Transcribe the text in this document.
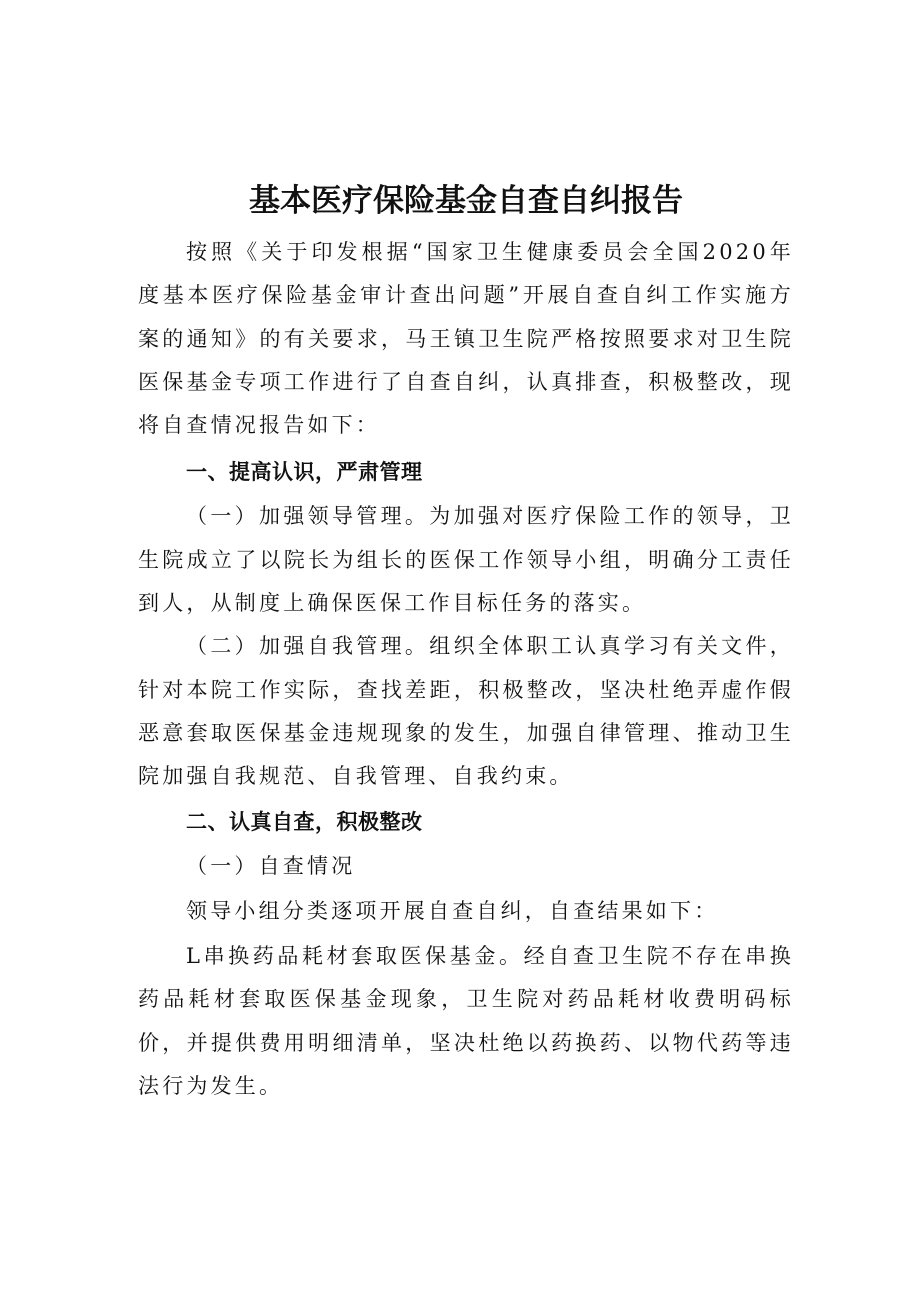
基本医疗保险基金自查自纠报告

按照《关于印发根据“国家卫生健康委员会全国2020年度基本医疗保险基金审计查出问题”开展自查自纠工作实施方案的通知》的有关要求，马王镇卫生院严格按照要求对卫生院医保基金专项工作进行了自查自纠，认真排查，积极整改，现将自查情况报告如下：

一、提高认识，严肃管理

（一）加强领导管理。为加强对医疗保险工作的领导，卫生院成立了以院长为组长的医保工作领导小组，明确分工责任到人，从制度上确保医保工作目标任务的落实。

（二）加强自我管理。组织全体职工认真学习有关文件，针对本院工作实际，查找差距，积极整改，坚决杜绝弄虚作假恶意套取医保基金违规现象的发生，加强自律管理、推动卫生院加强自我规范、自我管理、自我约束。

二、认真自查，积极整改

（一）自查情况

领导小组分类逐项开展自查自纠，自查结果如下：

L串换药品耗材套取医保基金。经自查卫生院不存在串换药品耗材套取医保基金现象，卫生院对药品耗材收费明码标价，并提供费用明细清单，坚决杜绝以药换药、以物代药等违法行为发生。
